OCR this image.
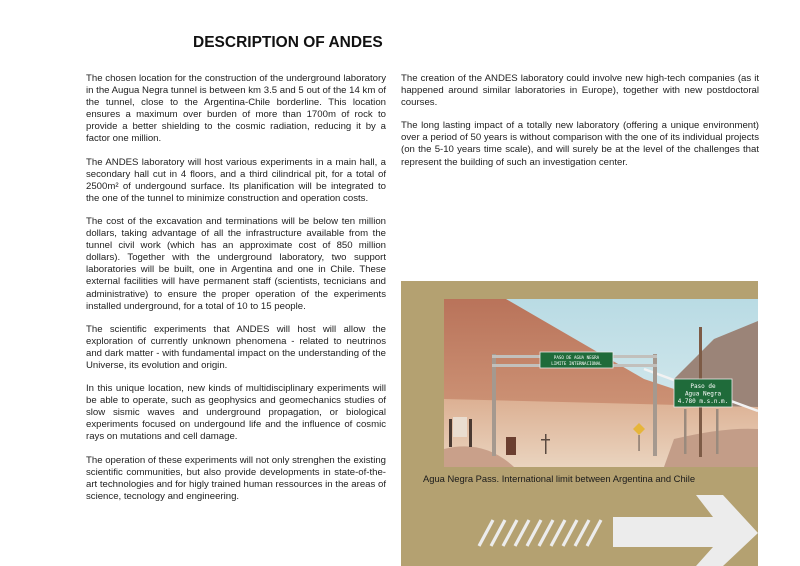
DESCRIPTION OF ANDES

The chosen location for the construction of the underground laboratory in the Augua Negra tunnel is between km 3.5 and 5 out of the 14 km of the tunnel, close to the Argentina-Chile borderline. This location ensures a maximum over burden of more than 1700m of rock to provide a better shielding to the cosmic radiation, reducing it by a factor one million.

The ANDES laboratory will host various experiments in a main hall, a secondary hall cut in 4 floors, and a third cilindrical pit, for a total of 2500m² of undergound surface. Its planification will be integrated to the one of the tunnel to minimize construction and operation costs.

The cost of the excavation and terminations will be below ten million dollars, taking advantage of all the infrastructure available from the tunnel civil work (which has an approximate cost of 850 million dollars). Together with the underground laboratory, two support laboratories will be built, one in Argentina and one in Chile. These external facilities will have permanent staff (scientists, tecnicians and administrative) to ensure the proper operation of the experiments installed underground, for a total of 10 to 15 people.

The scientific experiments that ANDES will host will allow the exploration of currently unknown phenomena - related to neutrinos and dark matter - with fundamental impact on the understanding of the Universe, its evolution and origin.

In this unique location, new kinds of multidisciplinary experiments will be able to operate, such as geophysics and geomechanics studies of slow sismic waves and underground propagation, or biological experiments focused on undergound life and the influence of cosmic rays on mutations and cell damage.

The operation of these experiments will not only strenghen the existing scientific communities, but also provide developments in state-of-the-art technologies and for higly trained human ressources in the areas of science, tecnology and engineering.

The creation of the ANDES laboratory could involve new high-tech companies (as it happened around similar laboratories in Europe), together with new postdoctoral courses.

The long lasting impact of a totally new laboratory (offering a unique environment) over a period of 50 years is without comparison with the one of its individual projects (on the 5-10 years time scale), and will surely be at the level of the challenges that represent the building of such an investigation center.

PASO DE AGUA NEGRA
LIMITE INTERNACIONAL
Paso de
Agua Negra
4.780 m.s.n.m.
Agua Negra Pass. International limit between Argentina and Chile
